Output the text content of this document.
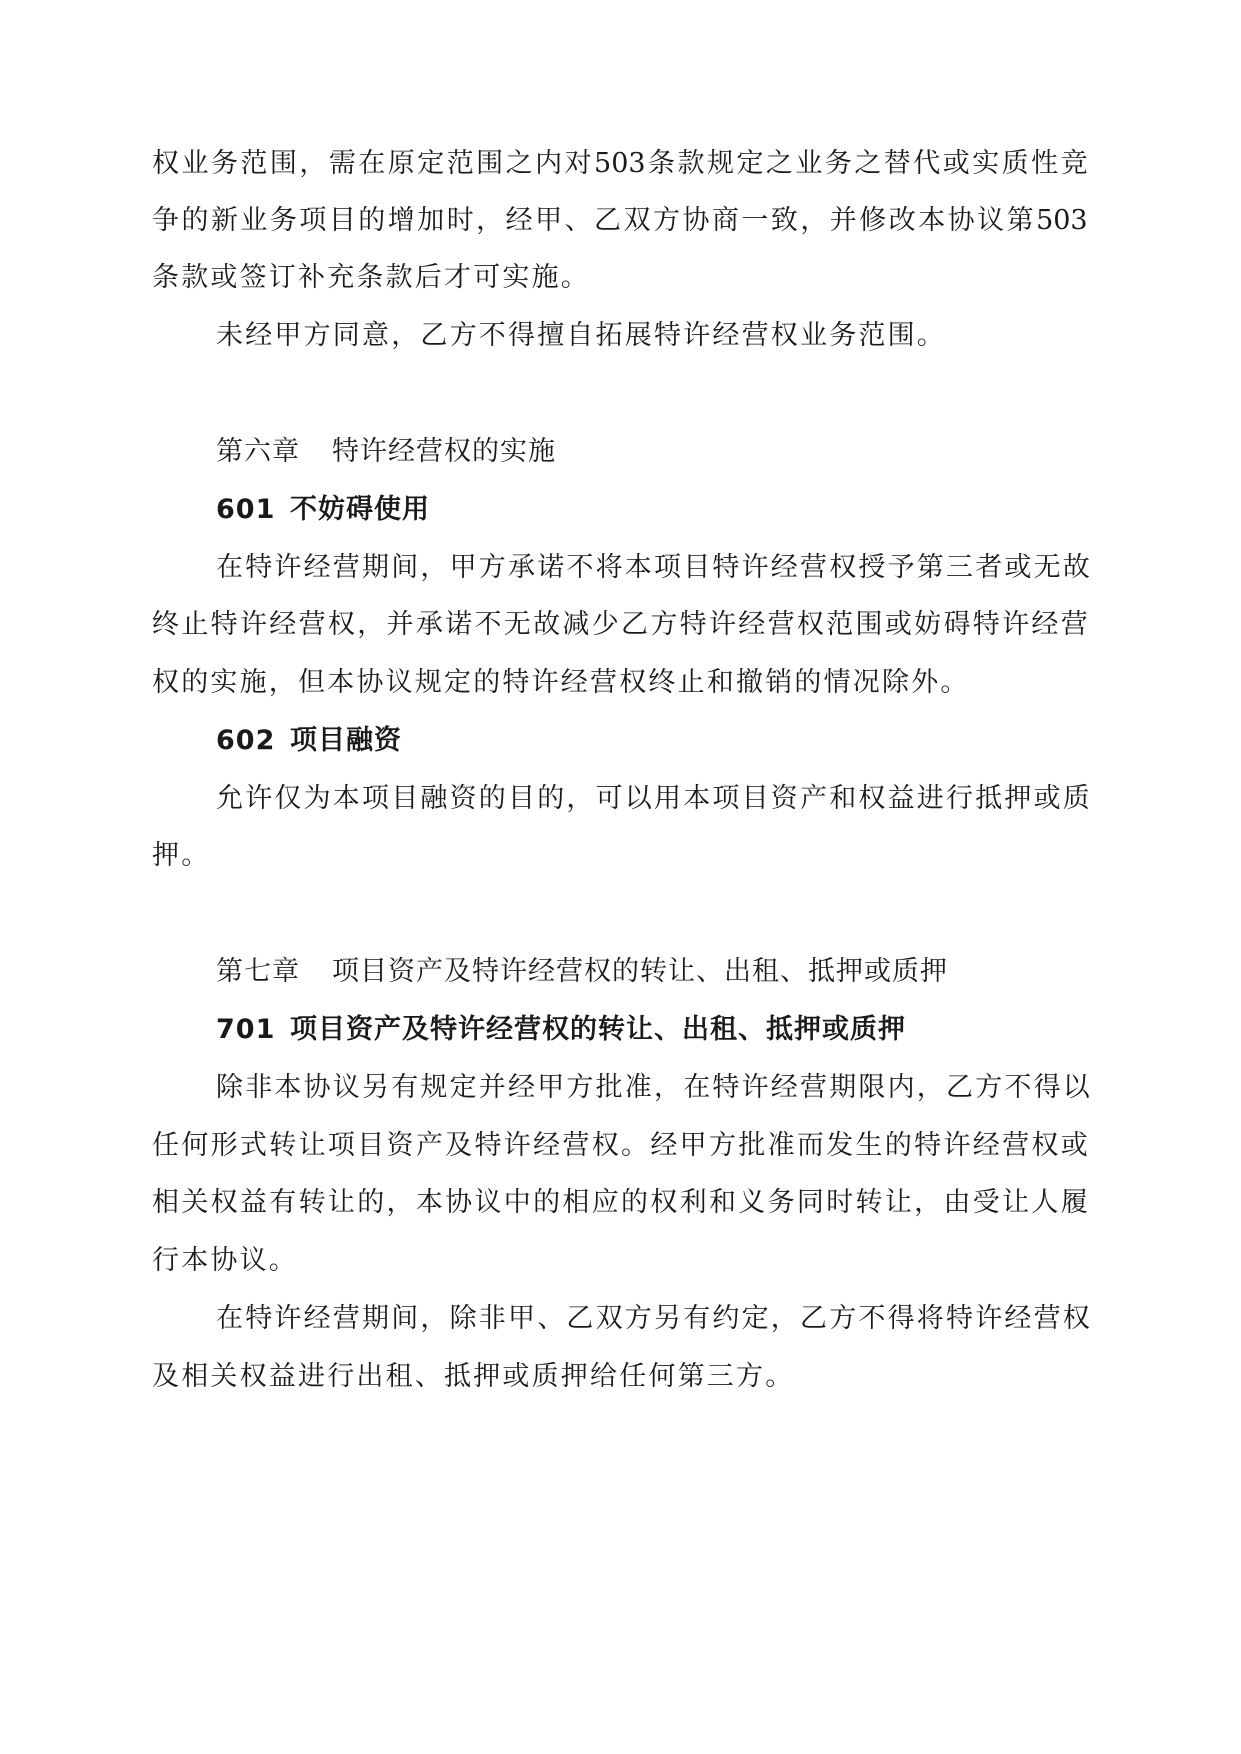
权 业 务 范 围 ， 需 在 原 定 范 围 之 内 对 503 条 款 规 定 之 业 务 之 替 代 或 实 质 性 竞
争 的 新 业 务 项 目 的 增 加 时 ， 经 甲 、 乙 双 方 协 商 一 致 ， 并 修 改 本 协 议 第 503
条款或签订补充条款后才可实施。
未经甲方同意，乙方不得擅自拓展特许经营权业务范围。
第六章 特许经营权的实施
601 不妨碍使用
在特许经营期间，甲方承诺不将本项目特许经营权授予第三者或无故
终 止 特 许 经 营 权 ， 并 承 诺 不 无 故 减 少 乙 方 特 许 经 营 权 范 围 或 妨 碍 特 许 经 营
权的实施，但本协议规定的特许经营权终止和撤销的情况除外。
602 项目融资
允许仅为本项目融资的目的，可以用本项目资产和权益进行抵押或质
押。
第七章 项目资产及特许经营权的转让、出租、抵押或质押
701 项目资产及特许经营权的转让、出租、抵押或质押
除非本协议另有规定并经甲方批准，在特许经营期限内，乙方不得以
任 何 形 式 转 让 项 目 资 产 及 特 许 经 营 权 。 经 甲 方 批 准 而 发 生 的 特 许 经 营 权 或
相 关 权 益 有 转 让 的 ， 本 协 议 中 的 相 应 的 权 利 和 义 务 同 时 转 让 ， 由 受 让 人 履
行本协议。
在特许经营期间，除非甲、乙双方另有约定，乙方不得将特许经营权
及相关权益进行出租、抵押或质押给任何第三方。
